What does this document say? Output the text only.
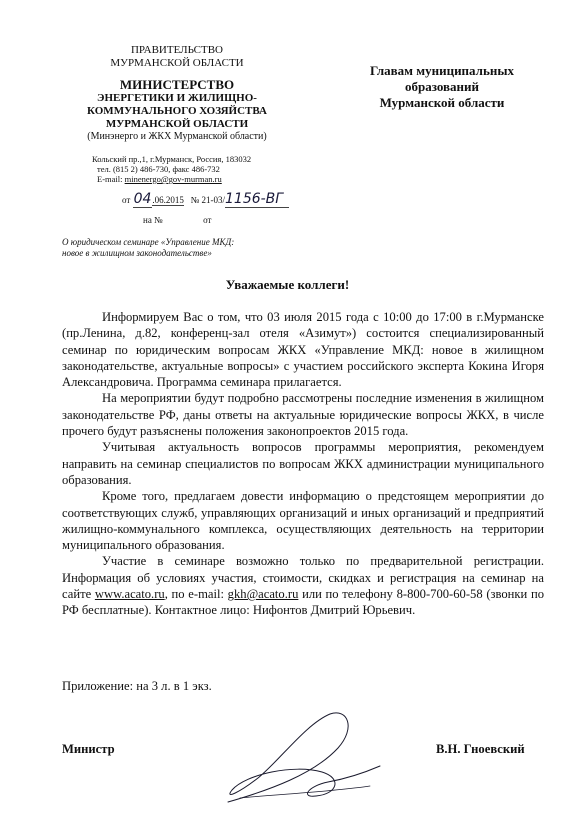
ПРАВИТЕЛЬСТВО
МУРМАНСКОЙ ОБЛАСТИ
МИНИСТЕРСТВО
ЭНЕРГЕТИКИ И ЖИЛИЩНО-
КОММУНАЛЬНОГО ХОЗЯЙСТВА
МУРМАНСКОЙ ОБЛАСТИ
(Минэнерго и ЖКХ Мурманской области)
Кольский пр.,1, г.Мурманск, Россия, 183032
тел. (815 2) 486-730, факс 486-732
E-mail: minenergo@gov-murman.ru
от 04.06.2015 № 21-03/1156-ВГ
на №	от
Главам муниципальных
образований
Мурманской области
О юридическом семинаре «Управление МКД:
новое в жилищном законодательстве»
Уважаемые коллеги!

Информируем Вас о том, что 03 июля 2015 года с 10:00 до 17:00 в г.Мурманске (пр.Ленина, д.82, конференц-зал отеля «Азимут») состоится специализированный семинар по юридическим вопросам ЖКХ «Управление МКД: новое в жилищном законодательстве, актуальные вопросы» с участием российского эксперта Кокина Игоря Александровича. Программа семинара прилагается.

На мероприятии будут подробно рассмотрены последние изменения в жилищном законодательстве РФ, даны ответы на актуальные юридические вопросы ЖКХ, в числе прочего будут разъяснены положения законопроектов 2015 года.

Учитывая актуальность вопросов программы мероприятия, рекомендуем направить на семинар специалистов по вопросам ЖКХ администрации муниципального образования.

Кроме того, предлагаем довести информацию о предстоящем мероприятии до соответствующих служб, управляющих организаций и иных организаций и предприятий жилищно-коммунального комплекса, осуществляющих деятельность на территории муниципального образования.

Участие в семинаре возможно только по предварительной регистрации. Информация об условиях участия, стоимости, скидках и регистрация на семинар на сайте www.acato.ru, по e-mail: gkh@acato.ru или по телефону 8-800-700-60-58 (звонки по РФ бесплатные). Контактное лицо: Нифонтов Дмитрий Юрьевич.

Приложение: на 3 л. в 1 экз.
Министр	В.Н. Гноевский
